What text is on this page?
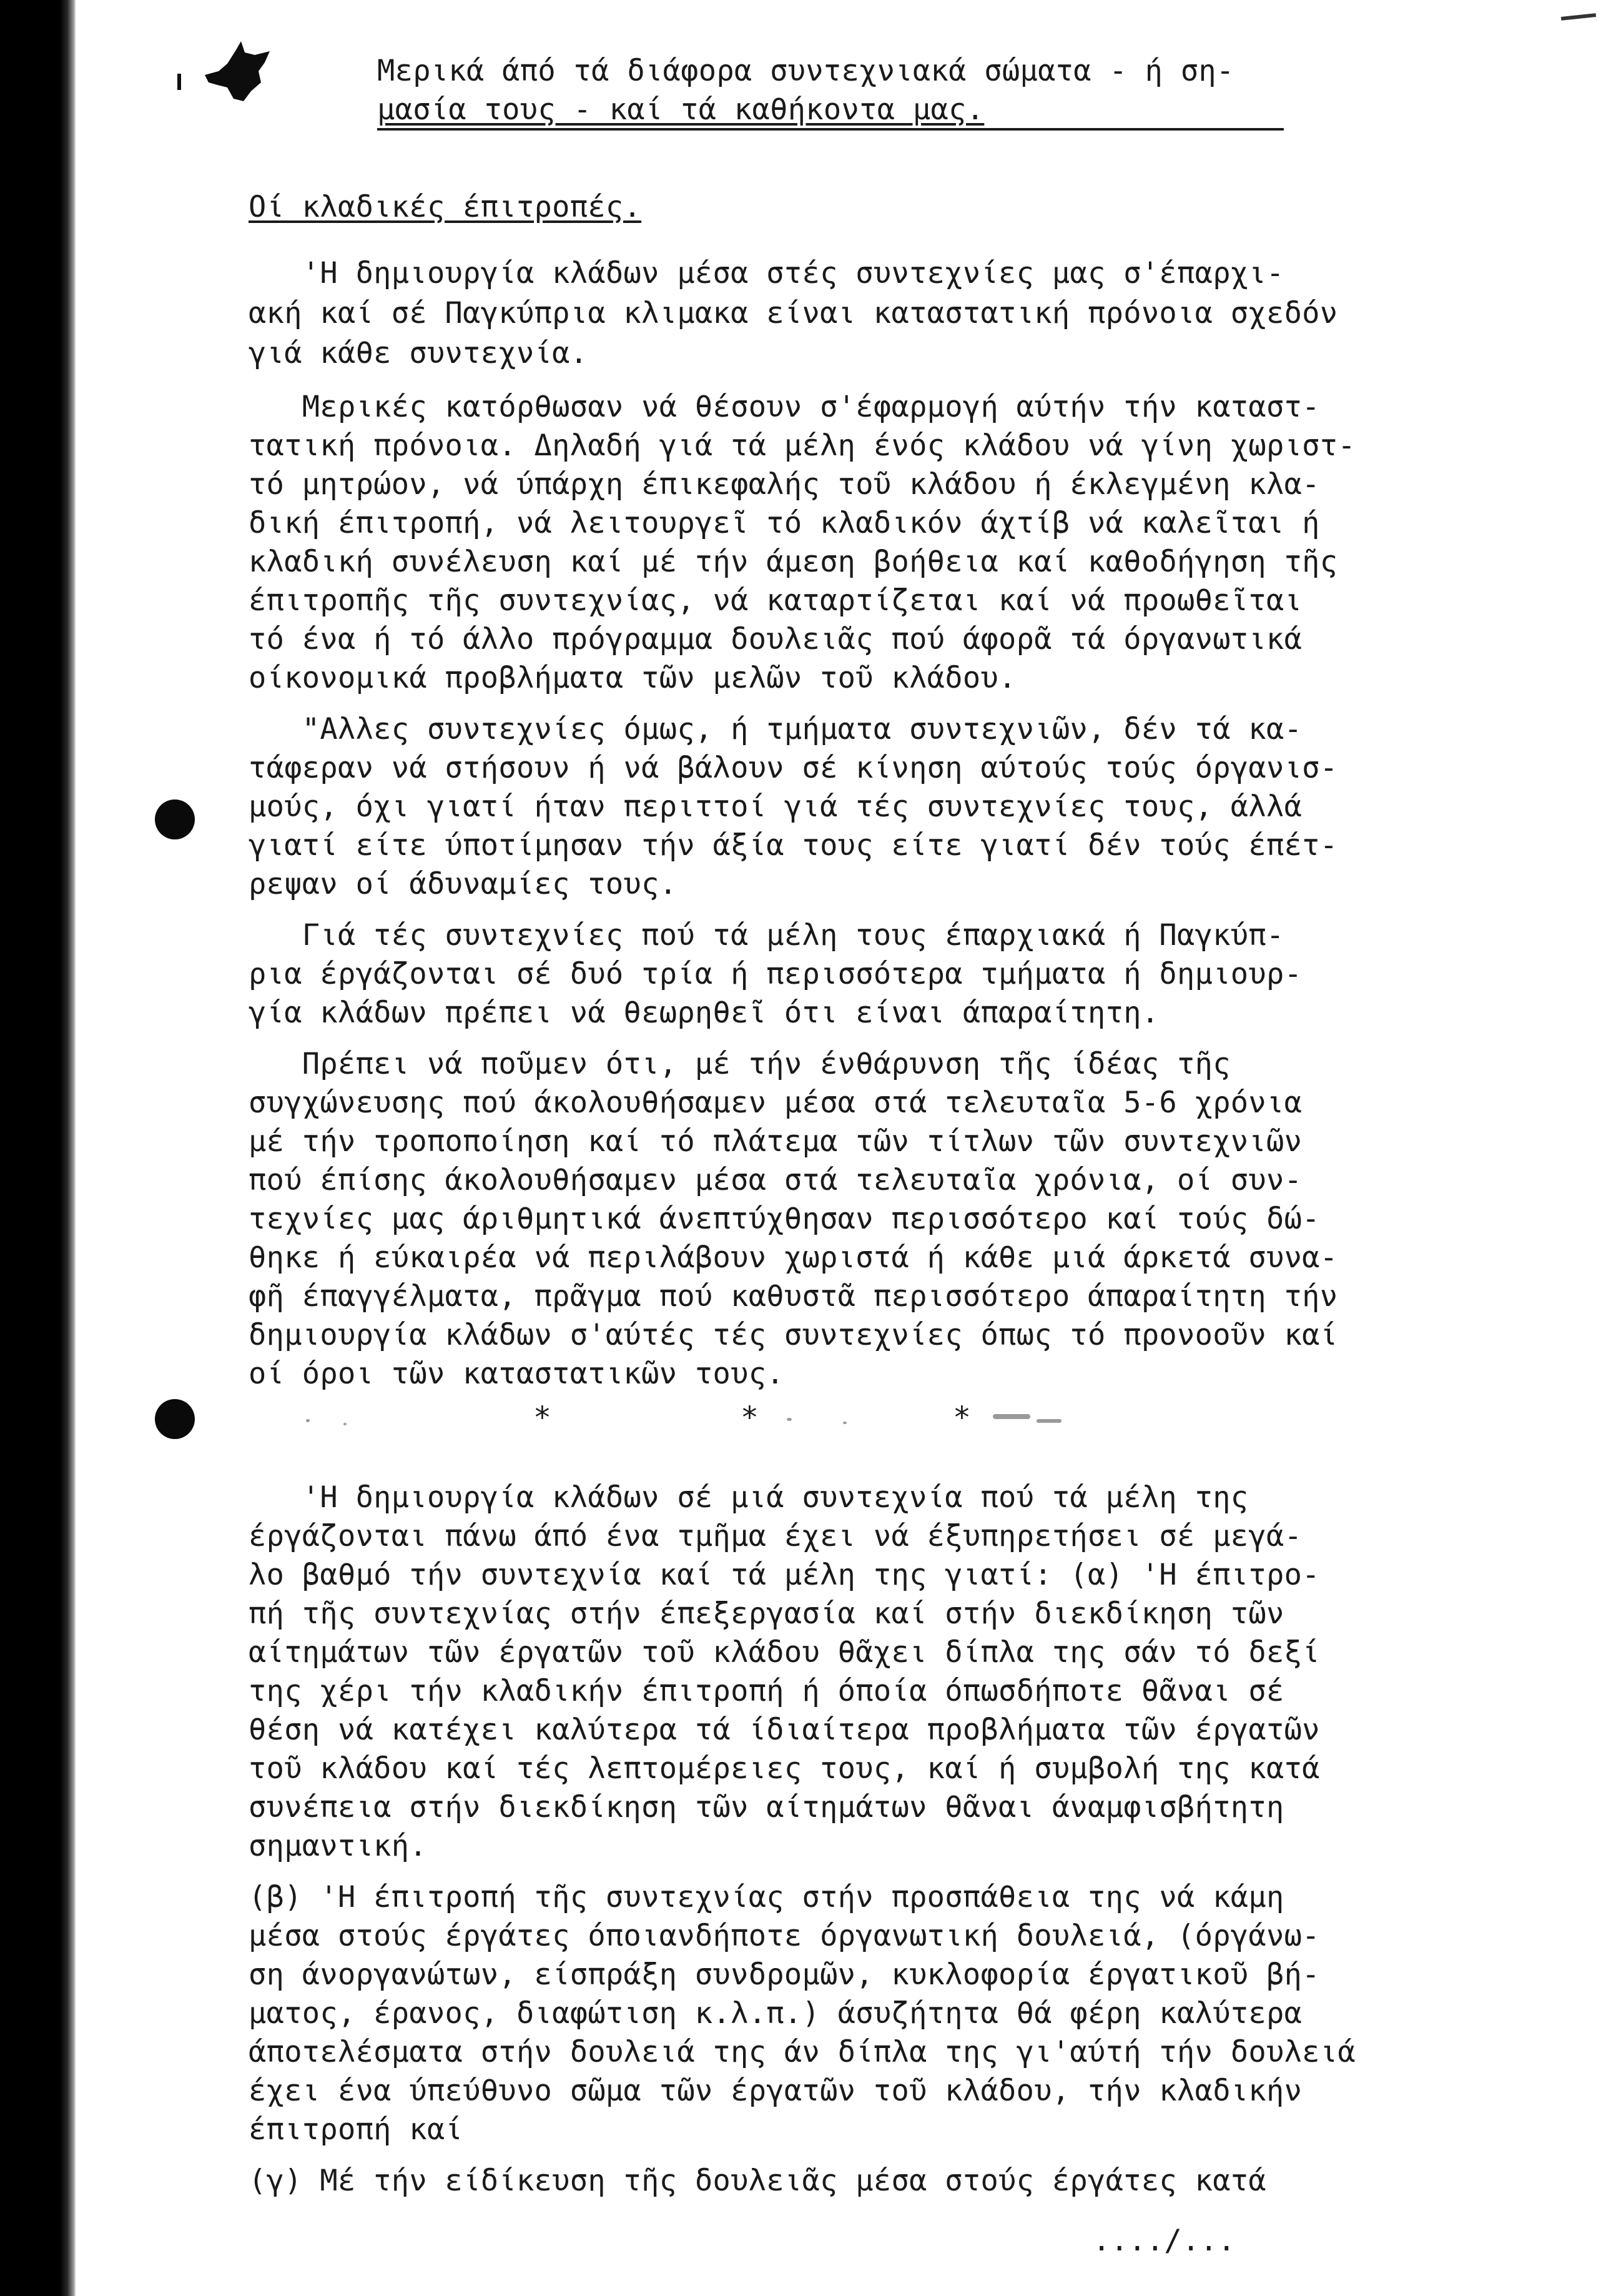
Μερικά άπό τά διάφορα συντεχνιακά σώματα - ή ση-
μασία τους - καί τά καθήκοντα μας.
Οί κλαδικές έπιτροπές.
'Η δημιουργία κλάδων μέσα στές συντεχνίες μας σ'έπαρχι-
ακή καί σέ Παγκύπρια κλιμακα είναι καταστατική πρόνοια σχεδόν
γιά κάθε συντεχνία.
Μερικές κατόρθωσαν νά θέσουν σ'έφαρμογή αύτήν τήν καταστ-
τατική πρόνοια. Δηλαδή γιά τά μέλη ένός κλάδου νά γίνη χωριστ-
τό μητρώον, νά ύπάρχη έπικεφαλής τοῦ κλάδου ή έκλεγμένη κλα-
δική έπιτροπή, νά λειτουργεῖ τό κλαδικόν άχτίβ νά καλεῖται ή
κλαδική συνέλευση καί μέ τήν άμεση βοήθεια καί καθοδήγηση τῆς
έπιτροπῆς τῆς συντεχνίας, νά καταρτίζεται καί νά προωθεῖται
τό ένα ή τό άλλο πρόγραμμα δουλειᾶς πού άφορᾶ τά όργανωτικά
οίκονομικά προβλήματα τῶν μελῶν τοῦ κλάδου.
"Αλλες συντεχνίες όμως, ή τμήματα συντεχνιῶν, δέν τά κα-
τάφεραν νά στήσουν ή νά βάλουν σέ κίνηση αύτούς τούς όργανισ-
μούς, όχι γιατί ήταν περιττοί γιά τές συντεχνίες τους, άλλά
γιατί είτε ύποτίμησαν τήν άξία τους είτε γιατί δέν τούς έπέτ-
ρεψαν οί άδυναμίες τους.
Γιά τές συντεχνίες πού τά μέλη τους έπαρχιακά ή Παγκύπ-
ρια έργάζονται σέ δυό τρία ή περισσότερα τμήματα ή δημιουρ-
γία κλάδων πρέπει νά θεωρηθεῖ ότι είναι άπαραίτητη.
Πρέπει νά ποῦμεν ότι, μέ τήν ένθάρυνση τῆς ίδέας τῆς
συγχώνευσης πού άκολουθήσαμεν μέσα στά τελευταῖα 5-6 χρόνια
μέ τήν τροποποίηση καί τό πλάτεμα τῶν τίτλων τῶν συντεχνιῶν
πού έπίσης άκολουθήσαμεν μέσα στά τελευταῖα χρόνια, οί συν-
τεχνίες μας άριθμητικά άνεπτύχθησαν περισσότερο καί τούς δώ-
θηκε ή εύκαιρέα νά περιλάβουν χωριστά ή κάθε μιά άρκετά συνα-
φῆ έπαγγέλματα, πρᾶγμα πού καθυστᾶ περισσότερο άπαραίτητη τήν
δημιουργία κλάδων σ'αύτές τές συντεχνίες όπως τό προνοοῦν καί
οί όροι τῶν καταστατικῶν τους.
*	*	*
'Η δημιουργία κλάδων σέ μιά συντεχνία πού τά μέλη της
έργάζονται πάνω άπό ένα τμῆμα έχει νά έξυπηρετήσει σέ μεγά-
λο βαθμό τήν συντεχνία καί τά μέλη της γιατί: (α) 'Η έπιτρο-
πή τῆς συντεχνίας στήν έπεξεργασία καί στήν διεκδίκηση τῶν
αίτημάτων τῶν έργατῶν τοῦ κλάδου θᾶχει δίπλα της σάν τό δεξί
της χέρι τήν κλαδικήν έπιτροπή ή όποία όπωσδήποτε θᾶναι σέ
θέση νά κατέχει καλύτερα τά ίδιαίτερα προβλήματα τῶν έργατῶν
τοῦ κλάδου καί τές λεπτομέρειες τους, καί ή συμβολή της κατά
συνέπεια στήν διεκδίκηση τῶν αίτημάτων θᾶναι άναμφισβήτητη
σημαντική.
(β) 'Η έπιτροπή τῆς συντεχνίας στήν προσπάθεια της νά κάμη
μέσα στούς έργάτες όποιανδήποτε όργανωτική δουλειά, (όργάνω-
ση άνοργανώτων, είσπράξη συνδρομῶν, κυκλοφορία έργατικοῦ βή-
ματος, έρανος, διαφώτιση κ.λ.π.) άσυζήτητα θά φέρη καλύτερα
άποτελέσματα στήν δουλειά της άν δίπλα της γι'αύτή τήν δουλειά
έχει ένα ύπεύθυνο σῶμα τῶν έργατῶν τοῦ κλάδου, τήν κλαδικήν
έπιτροπή καί
(γ) Μέ τήν είδίκευση τῆς δουλειᾶς μέσα στούς έργάτες κατά
..../...
